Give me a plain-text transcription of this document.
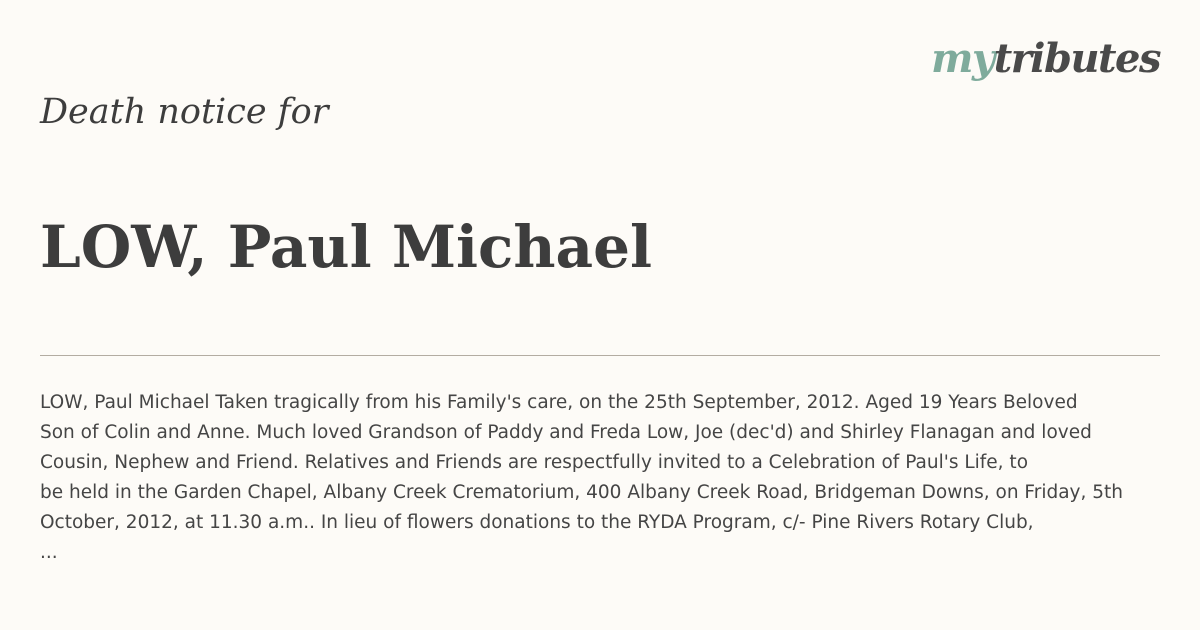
mytributes
Death notice for
LOW, Paul Michael
LOW, Paul Michael Taken tragically from his Family's care, on the 25th September, 2012. Aged 19 Years Beloved
Son of Colin and Anne. Much loved Grandson of Paddy and Freda Low, Joe (dec'd) and Shirley Flanagan and loved
Cousin, Nephew and Friend. Relatives and Friends are respectfully invited to a Celebration of Paul's Life, to
be held in the Garden Chapel, Albany Creek Crematorium, 400 Albany Creek Road, Bridgeman Downs, on Friday, 5th
October, 2012, at 11.30 a.m.. In lieu of flowers donations to the RYDA Program, c/- Pine Rivers Rotary Club,
...
